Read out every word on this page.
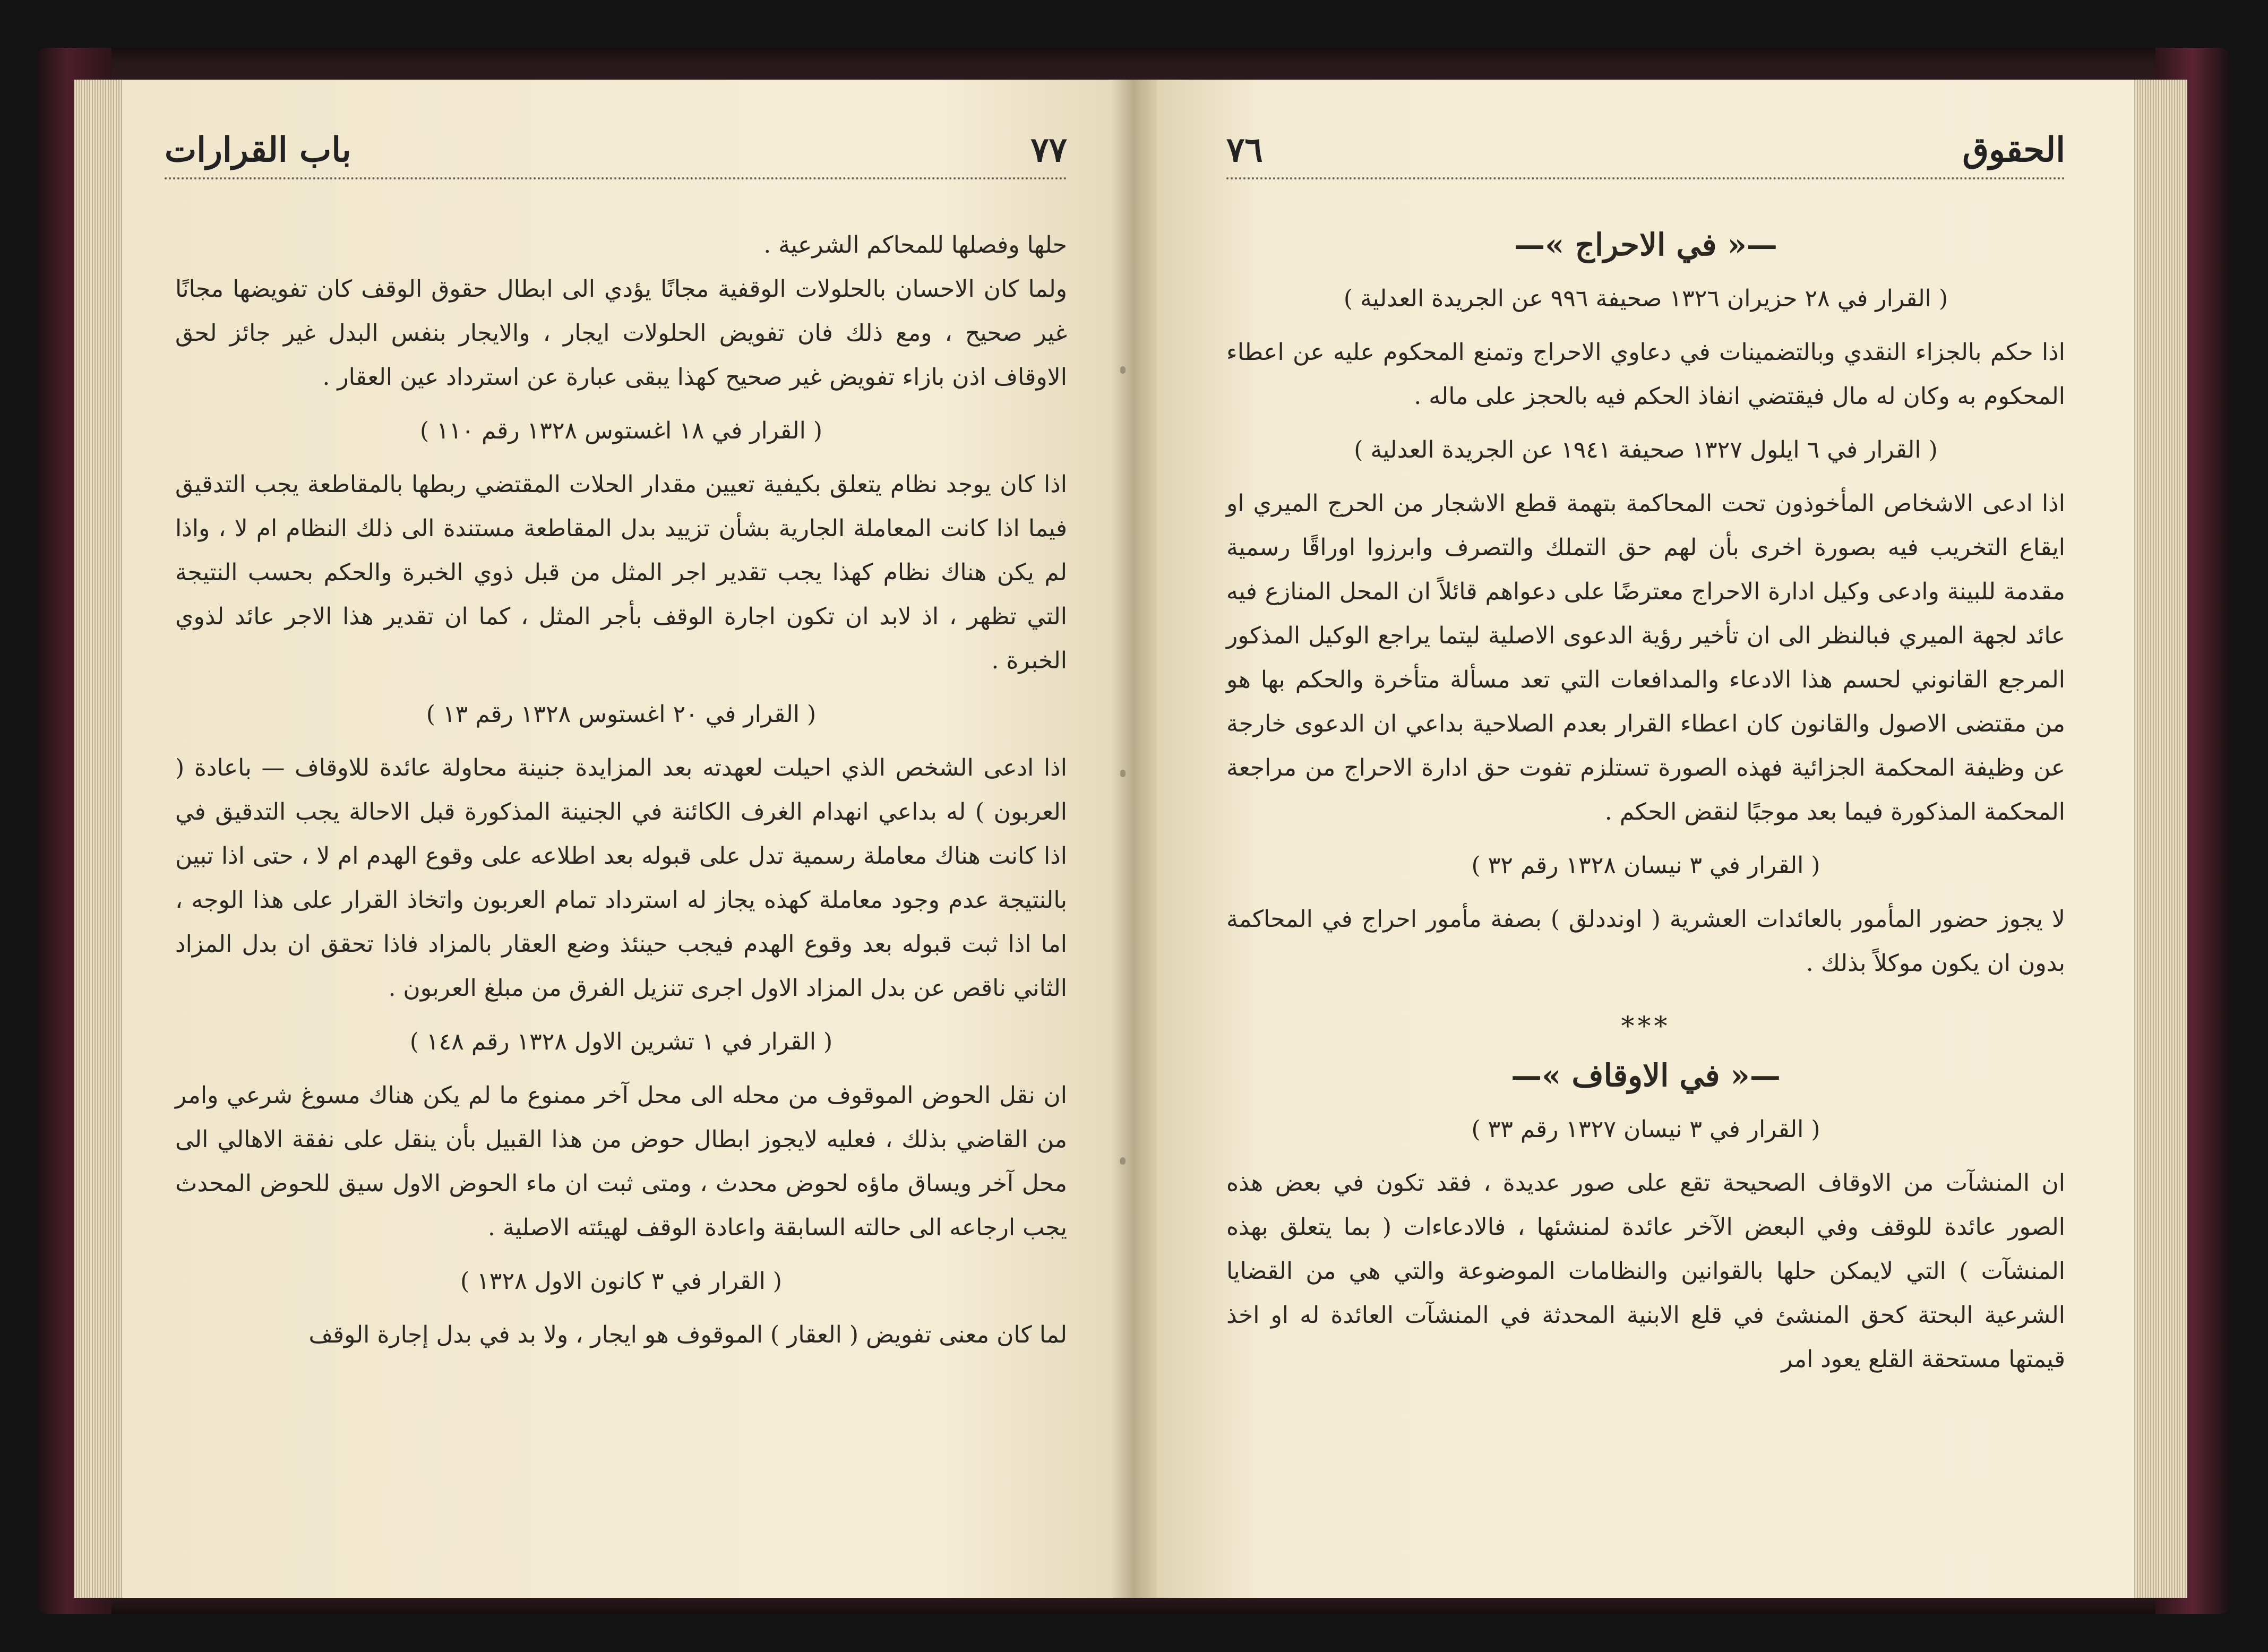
باب القرارات	٧٧	٧٦	الحقوق

حلها وفصلها للمحاكم الشرعية .

ولما كان الاحسان بالحلولات الوقفية مجانًا يؤدي الى ابطال حقوق الوقف كان تفويضها مجانًا غير صحيح ، ومع ذلك فان تفويض الحلولات ايجار ، والايجار بنفس البدل غير جائز لحق الاوقاف اذن بازاء تفويض غير صحيح كهذا يبقى عبارة عن استرداد عين العقار .

( القرار في ١٨ اغستوس ١٣٢٨ رقم ١١٠ )

اذا كان يوجد نظام يتعلق بكيفية تعيين مقدار الحلات المقتضي ربطها بالمقاطعة يجب التدقيق فيما اذا كانت المعاملة الجارية بشأن تزييد بدل المقاطعة مستندة الى ذلك النظام ام لا ، واذا لم يكن هناك نظام كهذا يجب تقدير اجر المثل من قبل ذوي الخبرة والحكم بحسب النتيجة التي تظهر ، اذ لابد ان تكون اجارة الوقف بأجر المثل ، كما ان تقدير هذا الاجر عائد لذوي الخبرة .

( القرار في ٢٠ اغستوس ١٣٢٨ رقم ١٣ )

اذا ادعى الشخص الذي احيلت لعهدته بعد المزايدة جنينة محاولة عائدة للاوقاف — باعادة ( العربون ) له بداعي انهدام الغرف الكائنة في الجنينة المذكورة قبل الاحالة يجب التدقيق في اذا كانت هناك معاملة رسمية تدل على قبوله بعد اطلاعه على وقوع الهدم ام لا ، حتى اذا تبين بالنتيجة عدم وجود معاملة كهذه يجاز له استرداد تمام العربون واتخاذ القرار على هذا الوجه ، اما اذا ثبت قبوله بعد وقوع الهدم فيجب حينئذ وضع العقار بالمزاد فاذا تحقق ان بدل المزاد الثاني ناقص عن بدل المزاد الاول اجرى تنزيل الفرق من مبلغ العربون .

( القرار في ١ تشرين الاول ١٣٢٨ رقم ١٤٨ )

ان نقل الحوض الموقوف من محله الى محل آخر ممنوع ما لم يكن هناك مسوغ شرعي وامر من القاضي بذلك ، فعليه لايجوز ابطال حوض من هذا القبيل بأن ينقل على نفقة الاهالي الى محل آخر ويساق ماؤه لحوض محدث ، ومتى ثبت ان ماء الحوض الاول سيق للحوض المحدث يجب ارجاعه الى حالته السابقة واعادة الوقف لهيئته الاصلية .

( القرار في ٣ كانون الاول ١٣٢٨ )

لما كان معنى تفويض ( العقار ) الموقوف هو ايجار ، ولا بد في بدل إجارة الوقف

—« في الاحراج »—

( القرار في ٢٨ حزيران ١٣٢٦ صحيفة ٩٩٦ عن الجريدة العدلية )

اذا حكم بالجزاء النقدي وبالتضمينات في دعاوي الاحراج وتمنع المحكوم عليه عن اعطاء المحكوم به وكان له مال فيقتضي انفاذ الحكم فيه بالحجز على ماله .

( القرار في ٦ ايلول ١٣٢٧ صحيفة ١٩٤١ عن الجريدة العدلية )

اذا ادعى الاشخاص المأخوذون تحت المحاكمة بتهمة قطع الاشجار من الحرج الميري او ايقاع التخريب فيه بصورة اخرى بأن لهم حق التملك والتصرف وابرزوا اوراقًا رسمية مقدمة للبينة وادعى وكيل ادارة الاحراج معترضًا على دعواهم قائلاً ان المحل المنازع فيه عائد لجهة الميري فبالنظر الى ان تأخير رؤية الدعوى الاصلية ليتما يراجع الوكيل المذكور المرجع القانوني لحسم هذا الادعاء والمدافعات التي تعد مسألة متأخرة والحكم بها هو من مقتضى الاصول والقانون كان اعطاء القرار بعدم الصلاحية بداعي ان الدعوى خارجة عن وظيفة المحكمة الجزائية فهذه الصورة تستلزم تفوت حق ادارة الاحراج من مراجعة المحكمة المذكورة فيما بعد موجبًا لنقض الحكم .

( القرار في ٣ نيسان ١٣٢٨ رقم ٣٢ )

لا يجوز حضور المأمور بالعائدات العشرية ( اونددلق ) بصفة مأمور احراج في المحاكمة بدون ان يكون موكلاً بذلك .

***

—« في الاوقاف »—

( القرار في ٣ نيسان ١٣٢٧ رقم ٣٣ )

ان المنشآت من الاوقاف الصحيحة تقع على صور عديدة ، فقد تكون في بعض هذه الصور عائدة للوقف وفي البعض الآخر عائدة لمنشئها ، فالادعاءات ( بما يتعلق بهذه المنشآت ) التي لايمكن حلها بالقوانين والنظامات الموضوعة والتي هي من القضايا الشرعية البحتة كحق المنشئ في قلع الابنية المحدثة في المنشآت العائدة له او اخذ قيمتها مستحقة القلع يعود امر
